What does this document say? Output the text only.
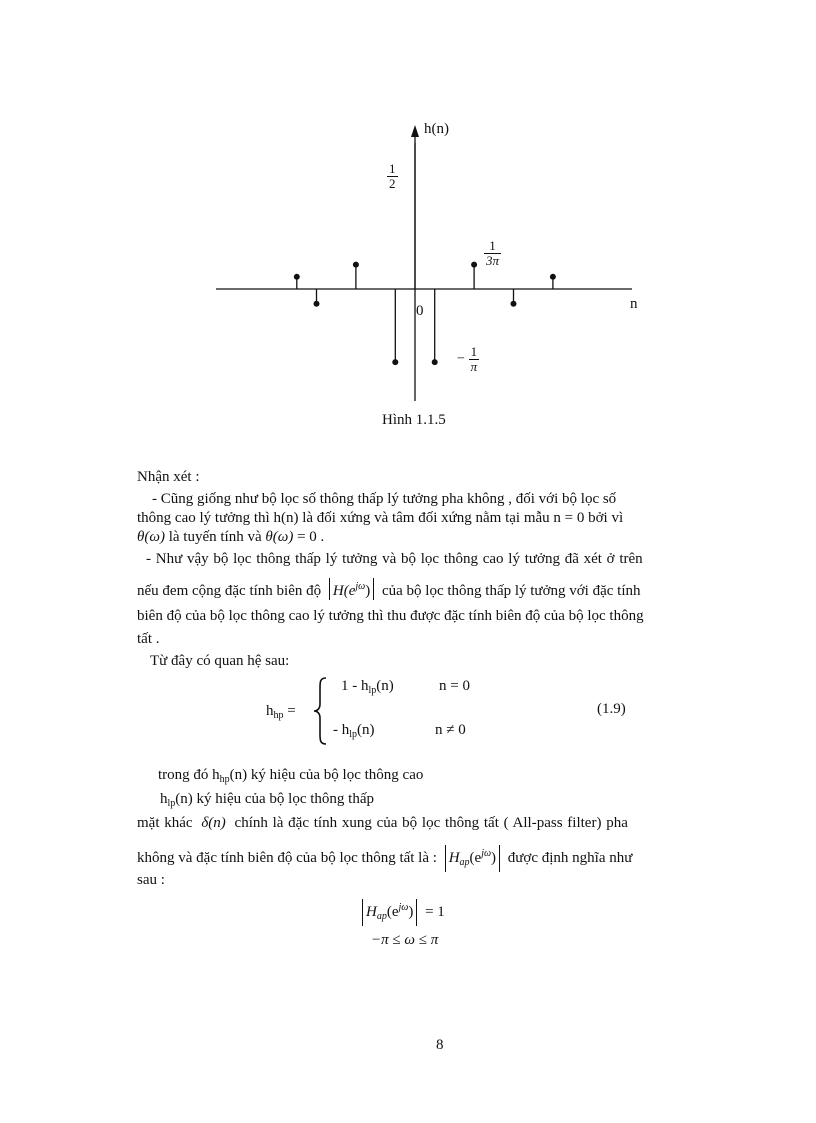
h(n)
n
0
$\frac{1}{2}$
$\frac{1}{3\pi}$
− $\frac{1}{\pi}$
Hình 1.1.5
Nhận xét :
- Cũng giống như bộ lọc số thông thấp lý tưởng pha không , đối với bộ lọc số
thông cao lý tưởng thì h(n) là đối xứng và tâm đối xứng nằm tại mẫu n = 0 bởi vì
θ(ω) là tuyến tính và θ(ω) = 0 .
- Như vậy bộ lọc thông thấp lý tưởng và bộ lọc thông cao lý tưởng đã xét ở trên
nếu đem cộng đặc tính biên độ $H(e^{j\omega})$ của bộ lọc thông thấp lý tưởng với đặc tính
biên độ của bộ lọc thông cao lý tưởng thì thu được đặc tính biên độ của bộ lọc thông
tất .
Từ đây có quan hệ sau:
$h_{hp}$ =
$1 - h_{lp}(n)$	n = 0
- $h_{lp}(n)$	n ≠ 0
(1.9)
trong đó $h_{hp}(n)$ ký hiệu của bộ lọc thông cao
$h_{lp}(n)$ ký hiệu của bộ lọc thông thấp
mặt khác δ(n) chính là đặc tính xung của bộ lọc thông tất ( All-pass filter) pha
không và đặc tính biên độ của bộ lọc thông tất là : $H_{ap}(e^{j\omega})$ được định nghĩa như
sau :
$H_{ap}(e^{j\omega}) = 1$
−π ≤ ω ≤ π
8
